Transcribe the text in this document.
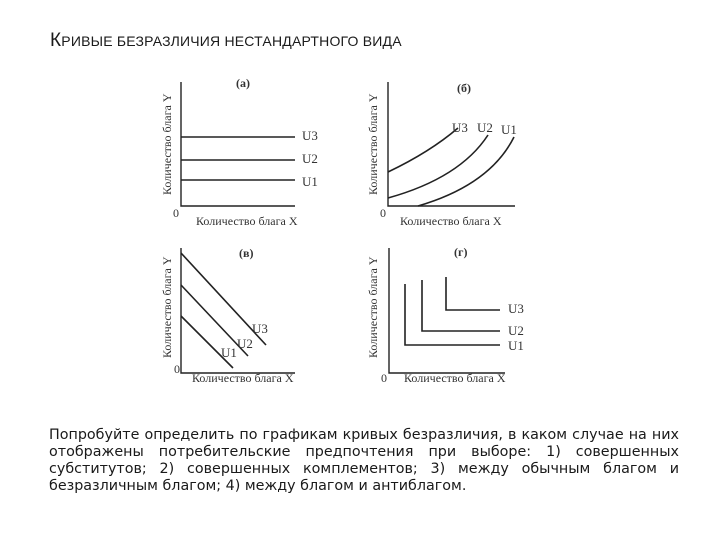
КРИВЫЕ БЕЗРАЗЛИЧИЯ НЕСТАНДАРТНОГО ВИДА
(а)
Количество блага Y
0
Количество блага X
U3
U2
U1
(б)
Количество блага Y
0
Количество блага X
U3 U2 U1
(в)
Количество блага Y
0
Количество блага X
U3
U2
U1
(г)
Количество блага Y
0 Количество блага X
U3
U2
U1
Попробуйте определить по графикам кривых безразличия, в каком случае на них отображены потребительские предпочтения при выборе: 1) совершенных субститутов; 2) совершенных комплементов; 3) между обычным благом и безразличным благом; 4) между благом и антиблагом.
